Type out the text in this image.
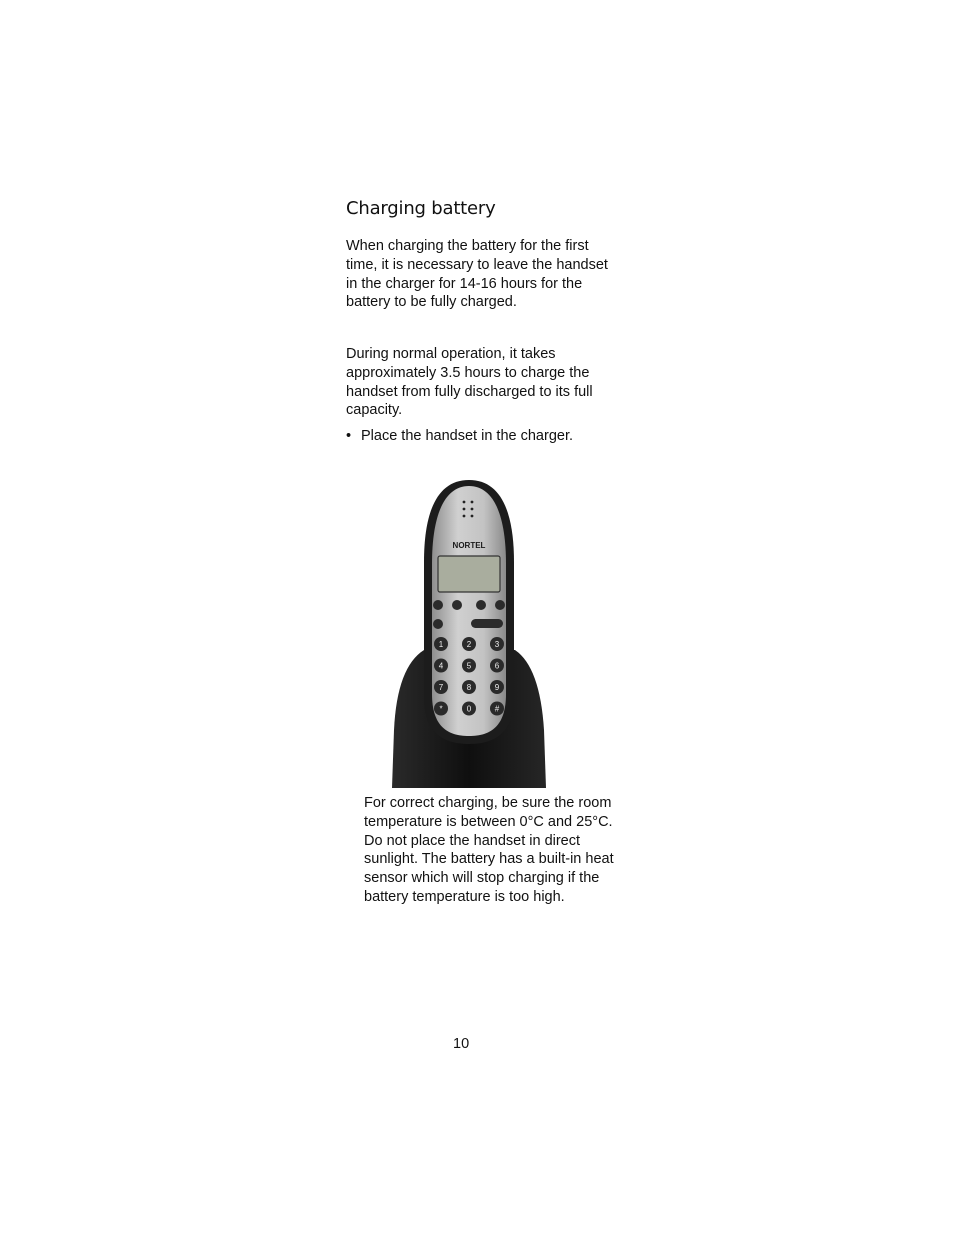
Charging battery

When charging the battery for the first time, it is necessary to leave the handset in the charger for 14-16 hours for the battery to be fully charged.

During normal operation, it takes approximately 3.5 hours to charge the handset from fully discharged to its full capacity.

• Place the handset in the charger.
NORTEL
1	2	3
4	5	6
7	8	9
*	0	#

For correct charging, be sure the room temperature is between 0°C and 25°C. Do not place the handset in direct sunlight. The battery has a built-in heat sensor which will stop charging if the battery temperature is too high.

10
